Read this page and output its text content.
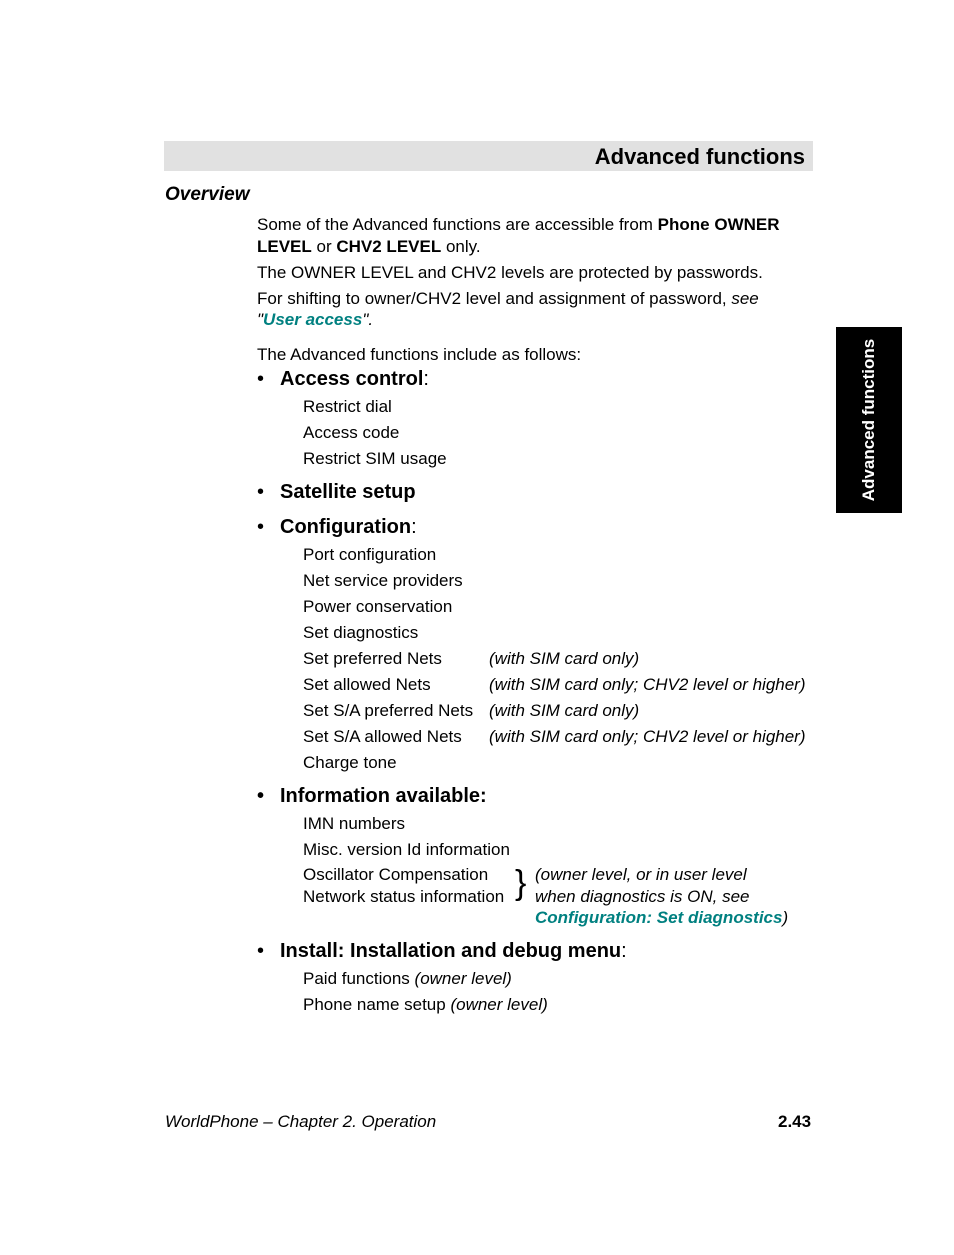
Advanced functions
Advanced functions
Overview
Some of the Advanced functions are accessible from Phone OWNER
LEVEL or CHV2 LEVEL only.
The OWNER LEVEL and CHV2 levels are protected by passwords.
For shifting to owner/CHV2 level and assignment of password, see
"User access".
The Advanced functions include as follows:
• Access control:
Restrict dial
Access code
Restrict SIM usage
• Satellite setup
• Configuration:
Port configuration
Net service providers
Power conservation
Set diagnostics
Set preferred Nets	(with SIM card only)
Set allowed Nets	(with SIM card only; CHV2 level or higher)
Set S/A preferred Nets (with SIM card only)
Set S/A allowed Nets (with SIM card only; CHV2 level or higher)
Charge tone
• Information available:
IMN numbers
Misc. version Id information
Oscillator Compensation
Network status information } (owner level, or in user level
when diagnostics is ON, see
Configuration: Set diagnostics)
• Install: Installation and debug menu:
Paid functions (owner level)
Phone name setup (owner level)
WorldPhone – Chapter 2. Operation	2.43
